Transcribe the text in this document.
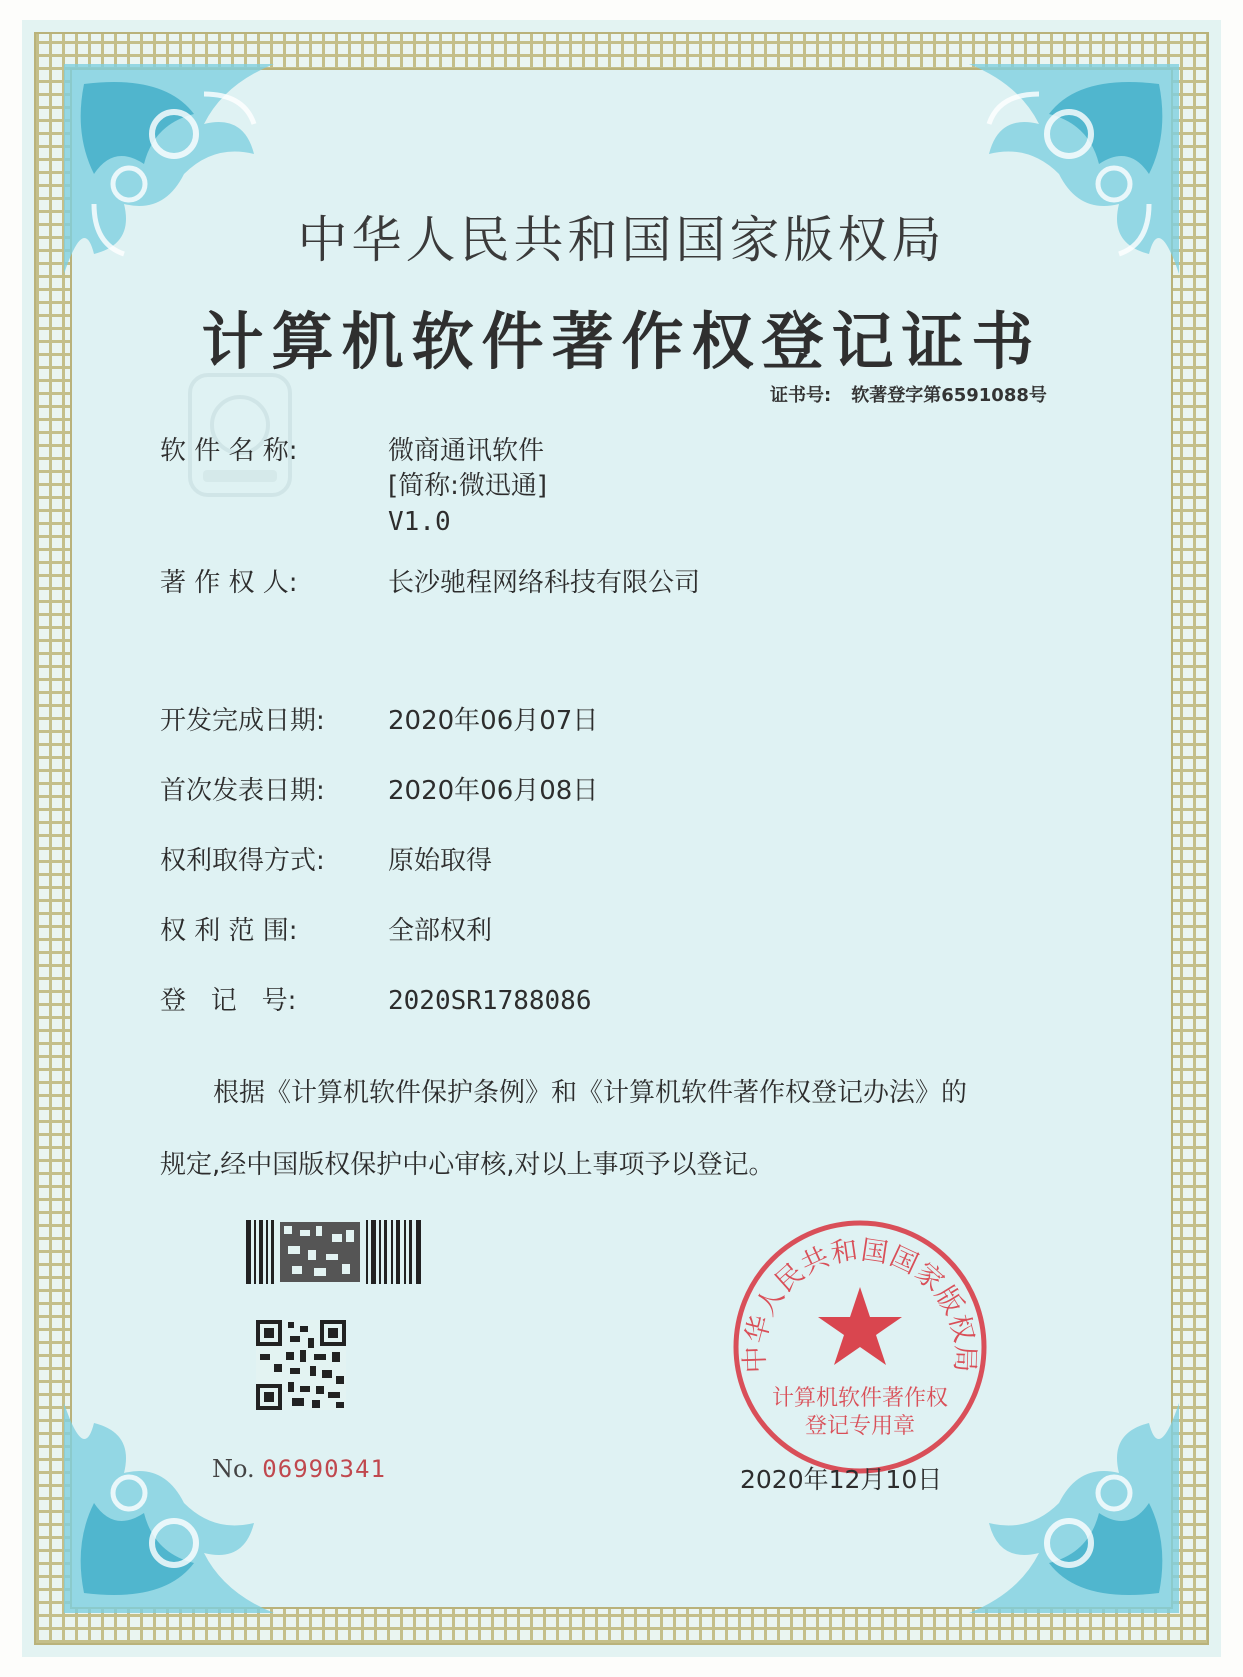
中华人民共和国国家版权局
计算机软件著作权登记证书
证书号: 软著登字第6591088号
软 件 名 称:	微商通讯软件
[简称:微迅通]
V1.0
著 作 权 人:	长沙驰程网络科技有限公司
开发完成日期: 2020年06月07日
首次发表日期: 2020年06月08日
权利取得方式: 原始取得
权 利 范 围:	全部权利
登   记   号:	2020SR1788086
根据《计算机软件保护条例》和《计算机软件著作权登记办法》的
规定,经中国版权保护中心审核,对以上事项予以登记。
No. 06990341
中华人民共和国国家版权局
计算机软件著作权
登记专用章
2020年12月10日
